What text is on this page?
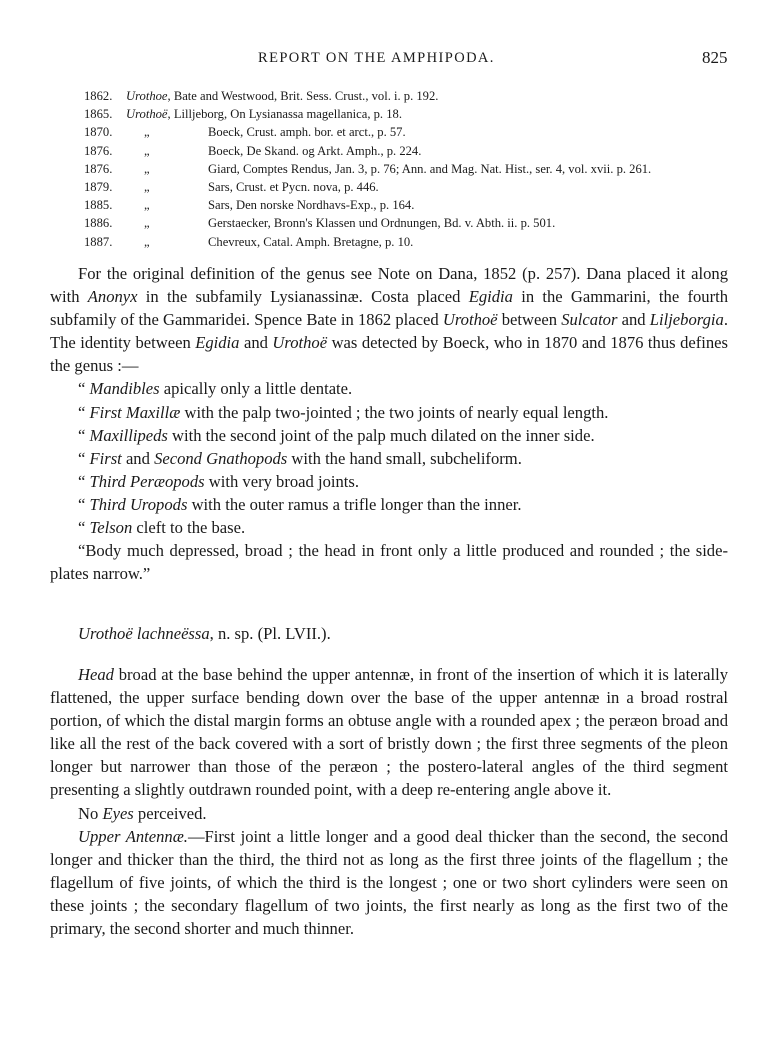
REPORT ON THE AMPHIPODA.	825
1862. Urothoe, Bate and Westwood, Brit. Sess. Crust., vol. i. p. 192.
1865. Urothoë, Lilljeborg, On Lysianassa magellanica, p. 18.
1870.	„	Boeck, Crust. amph. bor. et arct., p. 57.
1876.	„	Boeck, De Skand. og Arkt. Amph., p. 224.
1876.	„	Giard, Comptes Rendus, Jan. 3, p. 76; Ann. and Mag. Nat. Hist., ser. 4, vol. xvii. p. 261.
1879.	„	Sars, Crust. et Pycn. nova, p. 446.
1885.	„	Sars, Den norske Nordhavs-Exp., p. 164.
1886.	„	Gerstaecker, Bronn's Klassen und Ordnungen, Bd. v. Abth. ii. p. 501.
1887.	„	Chevreux, Catal. Amph. Bretagne, p. 10.

For the original definition of the genus see Note on Dana, 1852 (p. 257). Dana placed it along with Anonyx in the subfamily Lysianassinæ. Costa placed Egidia in the Gammarini, the fourth subfamily of the Gammaridei. Spence Bate in 1862 placed Urothoë between Sulcator and Liljeborgia. The identity between Egidia and Urothoë was detected by Boeck, who in 1870 and 1876 thus defines the genus :—

“ Mandibles apically only a little dentate.

“ First Maxillæ with the palp two-jointed ; the two joints of nearly equal length.

“ Maxillipeds with the second joint of the palp much dilated on the inner side.

“ First and Second Gnathopods with the hand small, subcheliform.

“ Third Peræopods with very broad joints.

“ Third Uropods with the outer ramus a trifle longer than the inner.

“ Telson cleft to the base.

“Body much depressed, broad ; the head in front only a little produced and rounded ; the side-plates narrow.”

Urothoë lachneëssa, n. sp. (Pl. LVII.).

Head broad at the base behind the upper antennæ, in front of the insertion of which it is laterally flattened, the upper surface bending down over the base of the upper antennæ in a broad rostral portion, of which the distal margin forms an obtuse angle with a rounded apex ; the peræon broad and like all the rest of the back covered with a sort of bristly down ; the first three segments of the pleon longer but narrower than those of the peræon ; the postero-lateral angles of the third segment presenting a slightly outdrawn rounded point, with a deep re-entering angle above it.

No Eyes perceived.

Upper Antennæ.—First joint a little longer and a good deal thicker than the second, the second longer and thicker than the third, the third not as long as the first three joints of the flagellum ; the flagellum of five joints, of which the third is the longest ; one or two short cylinders were seen on these joints ; the secondary flagellum of two joints, the first nearly as long as the first two of the primary, the second shorter and much thinner.
